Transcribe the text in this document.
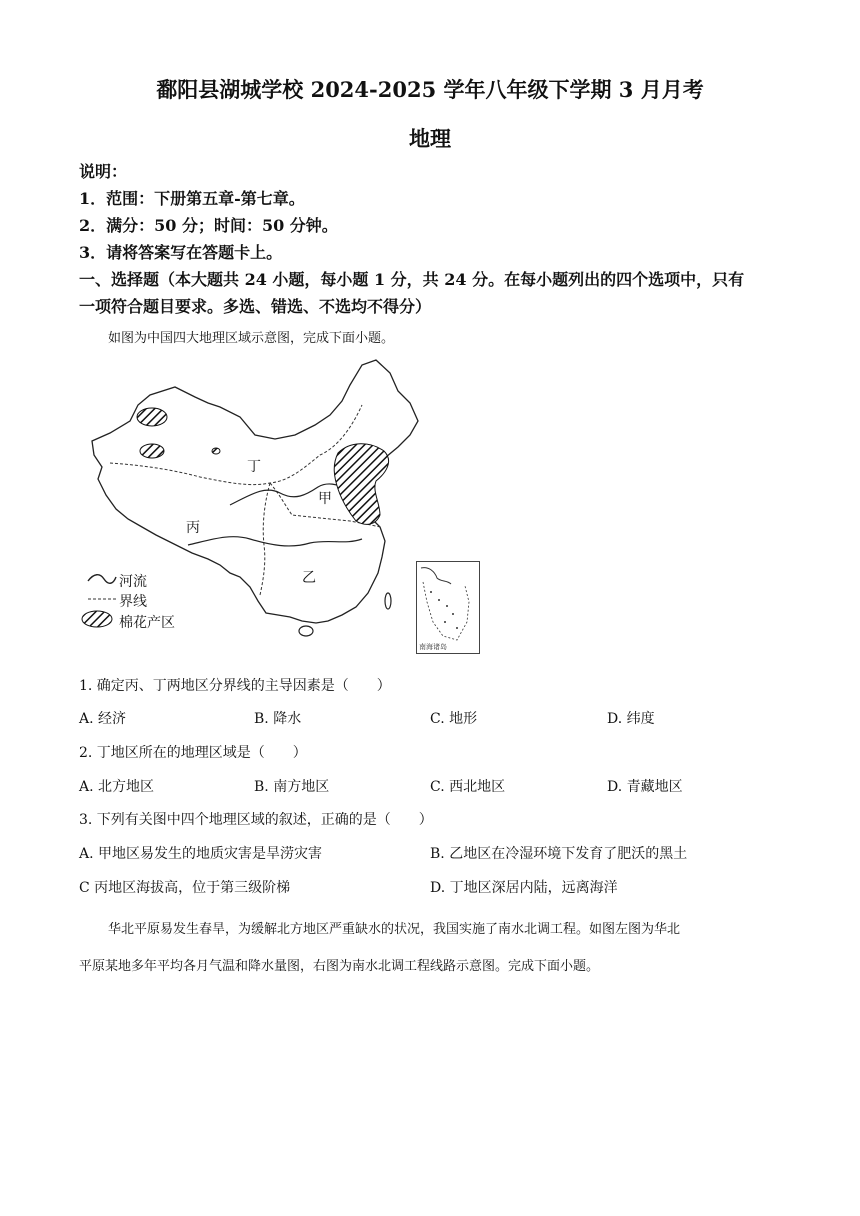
鄱阳县湖城学校 2024-2025 学年八年级下学期 3 月月考
地理
说明：
1．范围：下册第五章-第七章。
2．满分：50 分；时间：50 分钟。
3．请将答案写在答题卡上。
一、选择题（本大题共 24 小题，每小题 1 分，共 24 分。在每小题列出的四个选项中，只有
一项符合题目要求。多选、错选、不选均不得分）
如图为中国四大地理区域示意图，完成下面小题。
丁
甲
丙
乙
河流
界线
棉花产区
南海诸岛
1. 确定丙、丁两地区分界线的主导因素是（　　）
A. 经济	B. 降水	C. 地形	D. 纬度
2. 丁地区所在的地理区域是（　　）
A. 北方地区	B. 南方地区	C. 西北地区	D. 青藏地区
3. 下列有关图中四个地理区域的叙述，正确的是（　　）
A. 甲地区易发生的地质灾害是旱涝灾害	B. 乙地区在冷湿环境下发育了肥沃的黑土
C 丙地区海拔高，位于第三级阶梯	D. 丁地区深居内陆，远离海洋
华北平原易发生春旱，为缓解北方地区严重缺水的状况，我国实施了南水北调工程。如图左图为华北
平原某地多年平均各月气温和降水量图，右图为南水北调工程线路示意图。完成下面小题。
